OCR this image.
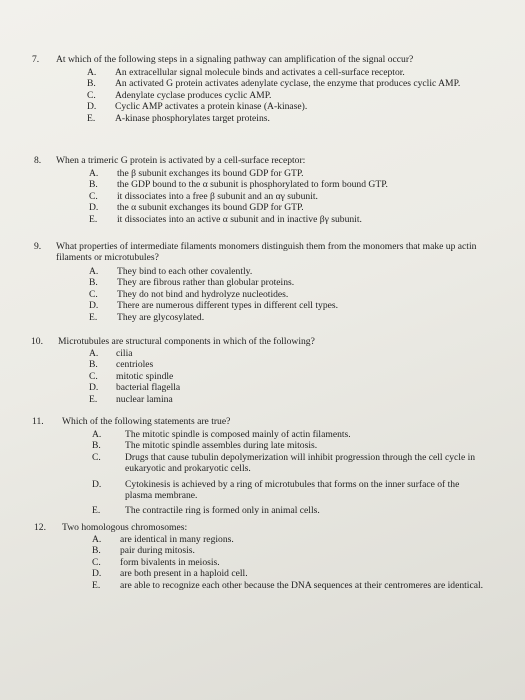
7. At which of the following steps in a signaling pathway can amplification of the signal occur?
A. An extracellular signal molecule binds and activates a cell-surface receptor.
B. An activated G protein activates adenylate cyclase, the enzyme that produces cyclic AMP.
C. Adenylate cyclase produces cyclic AMP.
D. Cyclic AMP activates a protein kinase (A-kinase).
E. A-kinase phosphorylates target proteins.
8. When a trimeric G protein is activated by a cell-surface receptor:
A. the β subunit exchanges its bound GDP for GTP.
B. the GDP bound to the α subunit is phosphorylated to form bound GTP.
C. it dissociates into a free β subunit and an αγ subunit.
D. the α subunit exchanges its bound GDP for GTP.
E. it dissociates into an active α subunit and in inactive βγ subunit.
9. What properties of intermediate filaments monomers distinguish them from the monomers that make up actin filaments or microtubules?
A. They bind to each other covalently.
B. They are fibrous rather than globular proteins.
C. They do not bind and hydrolyze nucleotides.
D. There are numerous different types in different cell types.
E. They are glycosylated.
10. Microtubules are structural components in which of the following?
A. cilia
B. centrioles
C. mitotic spindle
D. bacterial flagella
E. nuclear lamina
11. Which of the following statements are true?
A. The mitotic spindle is composed mainly of actin filaments.
B.	The mitotic spindle assembles during late mitosis.
C.	Drugs that cause tubulin depolymerization will inhibit progression through the cell cycle in eukaryotic and prokaryotic cells.
D. Cytokinesis is achieved by a ring of microtubules that forms on the inner surface of the plasma membrane.
E.	The contractile ring is formed only in animal cells.
12. Two homologous chromosomes:
A. are identical in many regions.
B. pair during mitosis.
C. form bivalents in meiosis.
D. are both present in a haploid cell.
E. are able to recognize each other because the DNA sequences at their centromeres are identical.
